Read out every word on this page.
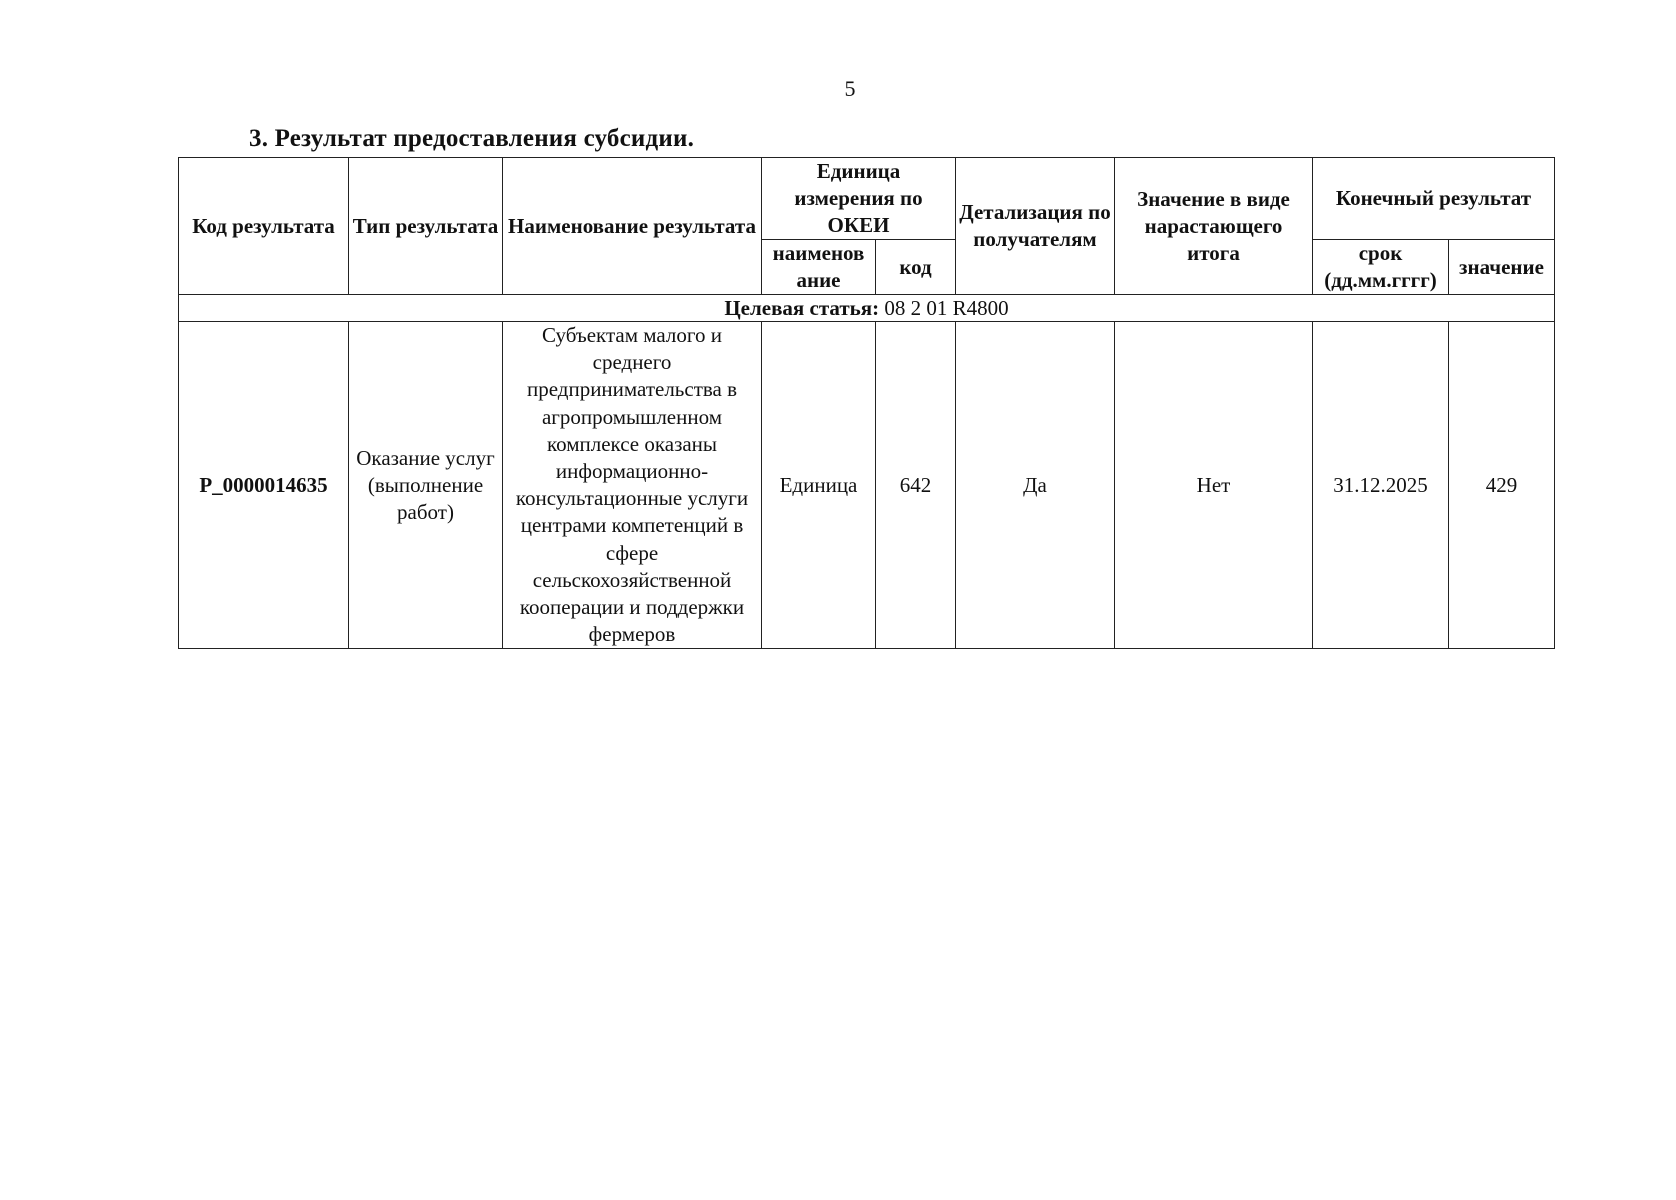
5
3. Результат предоставления субсидии.
Код результата	Тип результата	Наименование результата	Единица измерения по ОКЕИ		Детализация по получателям	Значение в виде нарастающего итога	Конечный результат	
			наименов ание	код			срок (дд.мм.гггг)	значение
Целевая статья: 08 2 01 R4800								
P_0000014635	Оказание услуг (выполнение работ)	Субъектам малого и среднего предпринимательства в агропромышленном комплексе оказаны информационно-консультационные услуги центрами компетенций в сфере сельскохозяйственной кооперации и поддержки фермеров	Единица	642	Да	Нет	31.12.2025	429
